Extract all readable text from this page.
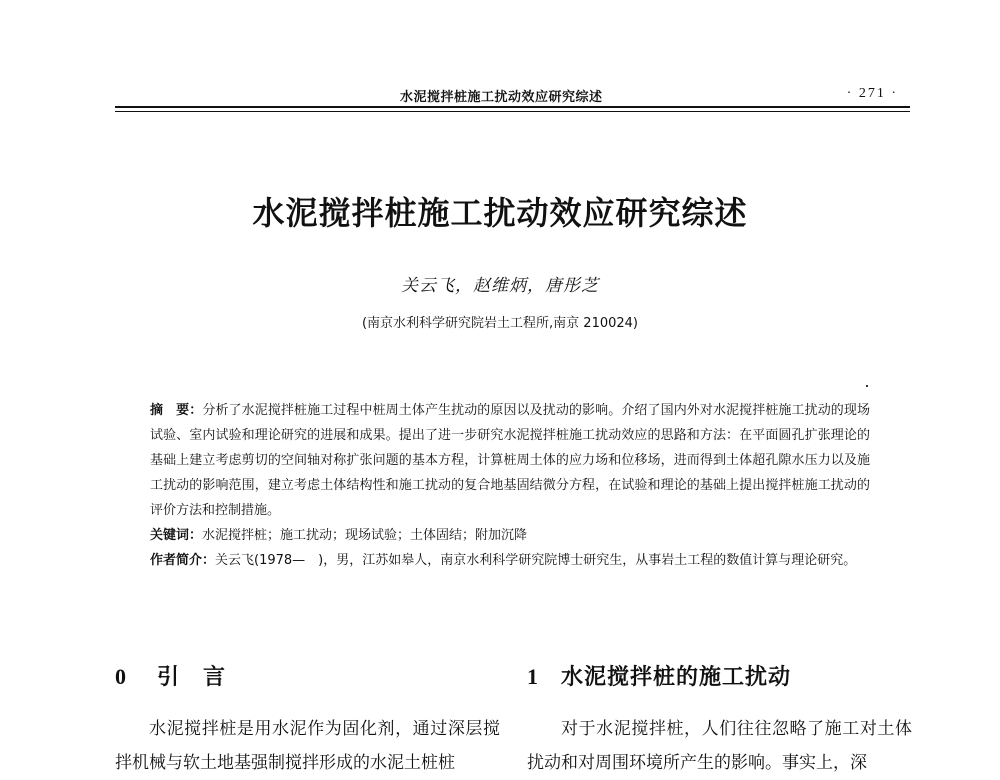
水泥搅拌桩施工扰动效应研究综述	· 271 ·
水泥搅拌桩施工扰动效应研究综述
关云飞，赵维炳，唐彤芝
(南京水利科学研究院岩土工程所,南京 210024)

摘　要：分析了水泥搅拌桩施工过程中桩周土体产生扰动的原因以及扰动的影响。介绍了国内外对水泥搅拌桩施工扰动的现场试验、室内试验和理论研究的进展和成果。提出了进一步研究水泥搅拌桩施工扰动效应的思路和方法：在平面圆孔扩张理论的基础上建立考虑剪切的空间轴对称扩张问题的基本方程，计算桩周土体的应力场和位移场，进而得到土体超孔隙水压力以及施工扰动的影响范围，建立考虑土体结构性和施工扰动的复合地基固结微分方程，在试验和理论的基础上提出搅拌桩施工扰动的评价方法和控制措施。

关键词：水泥搅拌桩；施工扰动；现场试验；土体固结；附加沉降

作者简介：关云飞(1978—　)，男，江苏如皋人，南京水利科学研究院博士研究生，从事岩土工程的数值计算与理论研究。

0 引　言	1 水泥搅拌桩的施工扰动
水泥搅拌桩是用水泥作为固化剂，通过深层搅拌机械与软土地基强制搅拌形成的水泥土桩桩
对于水泥搅拌桩，人们往往忽略了施工对土体扰动和对周围环境所产生的影响。事实上，深
